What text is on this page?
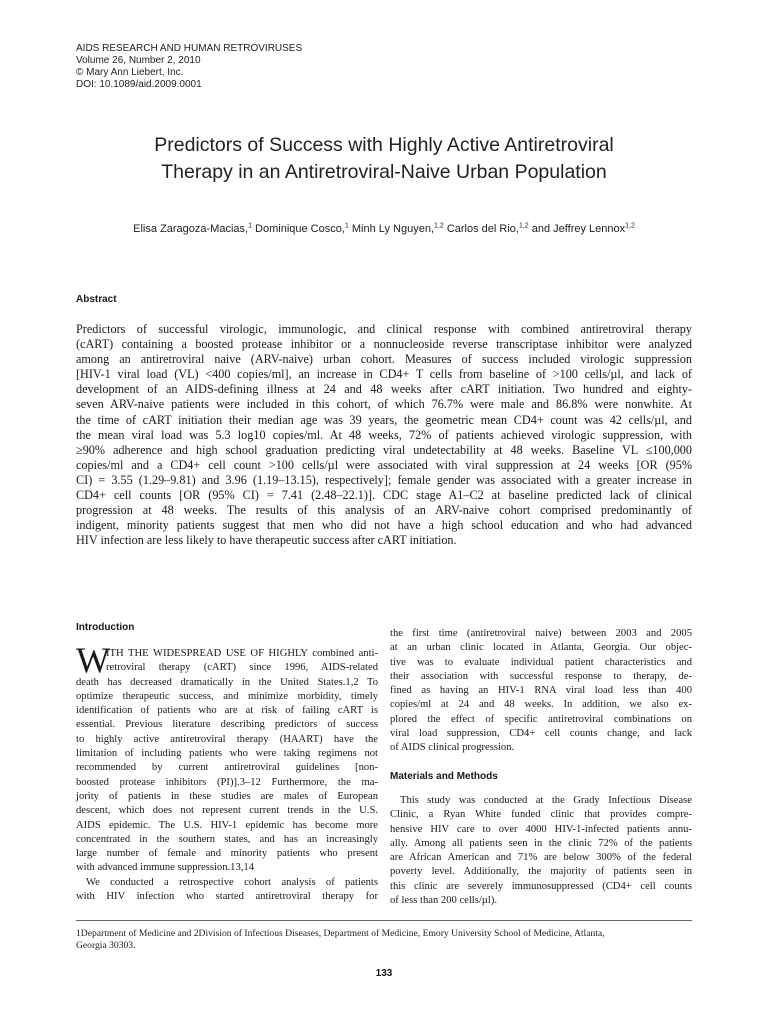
AIDS RESEARCH AND HUMAN RETROVIRUSES
Volume 26, Number 2, 2010
© Mary Ann Liebert, Inc.
DOI: 10.1089/aid.2009.0001
Predictors of Success with Highly Active Antiretroviral
Therapy in an Antiretroviral-Naive Urban Population
Elisa Zaragoza-Macias,$^1$ Dominique Cosco,$^1$ Minh Ly Nguyen,$^{1,2}$ Carlos del Rio,$^{1,2}$ and Jeffrey Lennox$^{1,2}$
Abstract
Predictors of successful virologic, immunologic, and clinical response with combined antiretroviral therapy
(cART) containing a boosted protease inhibitor or a nonnucleoside reverse transcriptase inhibitor were analyzed
among an antiretroviral naive (ARV-naive) urban cohort. Measures of success included virologic suppression
[HIV-1 viral load (VL) <400 copies/ml], an increase in CD4+ T cells from baseline of >100 cells/µl, and lack of
development of an AIDS-defining illness at 24 and 48 weeks after cART initiation. Two hundred and eighty-
seven ARV-naive patients were included in this cohort, of which 76.7% were male and 86.8% were nonwhite. At
the time of cART initiation their median age was 39 years, the geometric mean CD4+ count was 42 cells/µl, and
the mean viral load was 5.3 log10 copies/ml. At 48 weeks, 72% of patients achieved virologic suppression, with
≥90% adherence and high school graduation predicting viral undetectability at 48 weeks. Baseline VL ≤100,000
copies/ml and a CD4+ cell count >100 cells/µl were associated with viral suppression at 24 weeks [OR (95%
CI) = 3.55 (1.29–9.81) and 3.96 (1.19–13.15), respectively]; female gender was associated with a greater increase in
CD4+ cell counts [OR (95% CI) = 7.41 (2.48–22.1)]. CDC stage A1–C2 at baseline predicted lack of clinical
progression at 48 weeks. The results of this analysis of an ARV-naive cohort comprised predominantly of
indigent, minority patients suggest that men who did not have a high school education and who had advanced
HIV infection are less likely to have therapeutic success after cART initiation.
Introduction
W
ITH THE WIDESPREAD USE OF HIGHLY combined anti-
retroviral therapy (cART) since 1996, AIDS-related
death has decreased dramatically in the United States.1,2 To
optimize therapeutic success, and minimize morbidity, timely
identification of patients who are at risk of failing cART is
essential. Previous literature describing predictors of success
to highly active antiretroviral therapy (HAART) have the
limitation of including patients who were taking regimens not
recommended by current antiretroviral guidelines [non-
boosted protease inhibitors (PI)].3–12 Furthermore, the ma-
jority of patients in these studies are males of European
descent, which does not represent current trends in the U.S.
AIDS epidemic. The U.S. HIV-1 epidemic has become more
concentrated in the southern states, and has an increasingly
large number of female and minority patients who present
with advanced immune suppression.13,14
We conducted a retrospective cohort analysis of patients
with HIV infection who started antiretroviral therapy for
the first time (antiretroviral naive) between 2003 and 2005
at an urban clinic located in Atlanta, Georgia. Our objec-
tive was to evaluate individual patient characteristics and
their association with successful response to therapy, de-
fined as having an HIV-1 RNA viral load less than 400
copies/ml at 24 and 48 weeks. In addition, we also ex-
plored the effect of specific antiretroviral combinations on
viral load suppression, CD4+ cell counts change, and lack
of AIDS clinical progression.
Materials and Methods
This study was conducted at the Grady Infectious Disease
Clinic, a Ryan White funded clinic that provides compre-
hensive HIV care to over 4000 HIV-1-infected patients annu-
ally. Among all patients seen in the clinic 72% of the patients
are African American and 71% are below 300% of the federal
poverty level. Additionally, the majority of patients seen in
this clinic are severely immunosuppressed (CD4+ cell counts
of less than 200 cells/µl).
1Department of Medicine and 2Division of Infectious Diseases, Department of Medicine, Emory University School of Medicine, Atlanta,
Georgia 30303.
133
